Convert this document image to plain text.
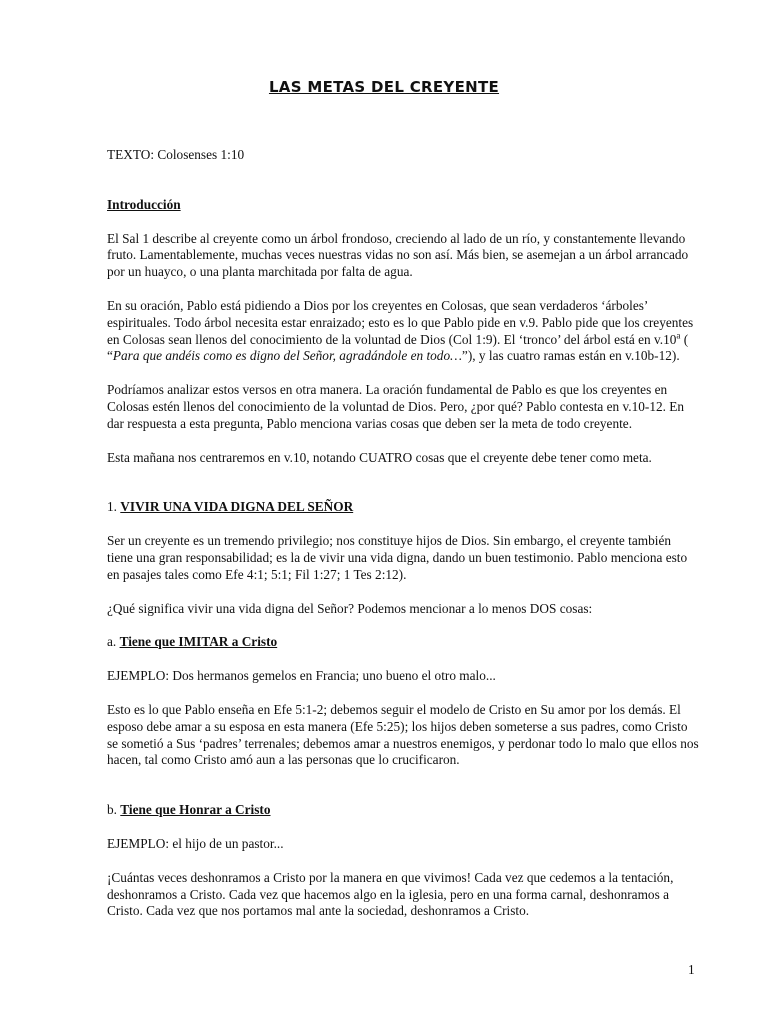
LAS METAS DEL CREYENTE

TEXTO: Colosenses 1:10

Introducción

El Sal 1 describe al creyente como un árbol frondoso, creciendo al lado de un río, y constantemente llevando fruto. Lamentablemente, muchas veces nuestras vidas no son así. Más bien, se asemejan a un árbol arrancado por un huayco, o una planta marchitada por falta de agua.

En su oración, Pablo está pidiendo a Dios por los creyentes en Colosas, que sean verdaderos ‘árboles’ espirituales. Todo árbol necesita estar enraizado; esto es lo que Pablo pide en v.9. Pablo pide que los creyentes en Colosas sean llenos del conocimiento de la voluntad de Dios (Col 1:9). El ‘tronco’ del árbol está en v.10$^a$ ( “Para que andéis como es digno del Señor, agradándole en todo…”), y las cuatro ramas están en v.10b-12).

Podríamos analizar estos versos en otra manera. La oración fundamental de Pablo es que los creyentes en Colosas estén llenos del conocimiento de la voluntad de Dios. Pero, ¿por qué? Pablo contesta en v.10-12. En dar respuesta a esta pregunta, Pablo menciona varias cosas que deben ser la meta de todo creyente.

Esta mañana nos centraremos en v.10, notando CUATRO cosas que el creyente debe tener como meta.

1. VIVIR UNA VIDA DIGNA DEL SEÑOR

Ser un creyente es un tremendo privilegio; nos constituye hijos de Dios. Sin embargo, el creyente también tiene una gran responsabilidad; es la de vivir una vida digna, dando un buen testimonio. Pablo menciona esto en pasajes tales como Efe 4:1; 5:1; Fil 1:27; 1 Tes 2:12).

¿Qué significa vivir una vida digna del Señor? Podemos mencionar a lo menos DOS cosas:

a. Tiene que IMITAR a Cristo

EJEMPLO: Dos hermanos gemelos en Francia; uno bueno el otro malo...

Esto es lo que Pablo enseña en Efe 5:1-2; debemos seguir el modelo de Cristo en Su amor por los demás. El esposo debe amar a su esposa en esta manera (Efe 5:25); los hijos deben someterse a sus padres, como Cristo se sometió a Sus ‘padres’ terrenales; debemos amar a nuestros enemigos, y perdonar todo lo malo que ellos nos hacen, tal como Cristo amó aun a las personas que lo crucificaron.

b. Tiene que Honrar a Cristo

EJEMPLO: el hijo de un pastor...

¡Cuántas veces deshonramos a Cristo por la manera en que vivimos! Cada vez que cedemos a la tentación, deshonramos a Cristo. Cada vez que hacemos algo en la iglesia, pero en una forma carnal, deshonramos a Cristo. Cada vez que nos portamos mal ante la sociedad, deshonramos a Cristo.

1
